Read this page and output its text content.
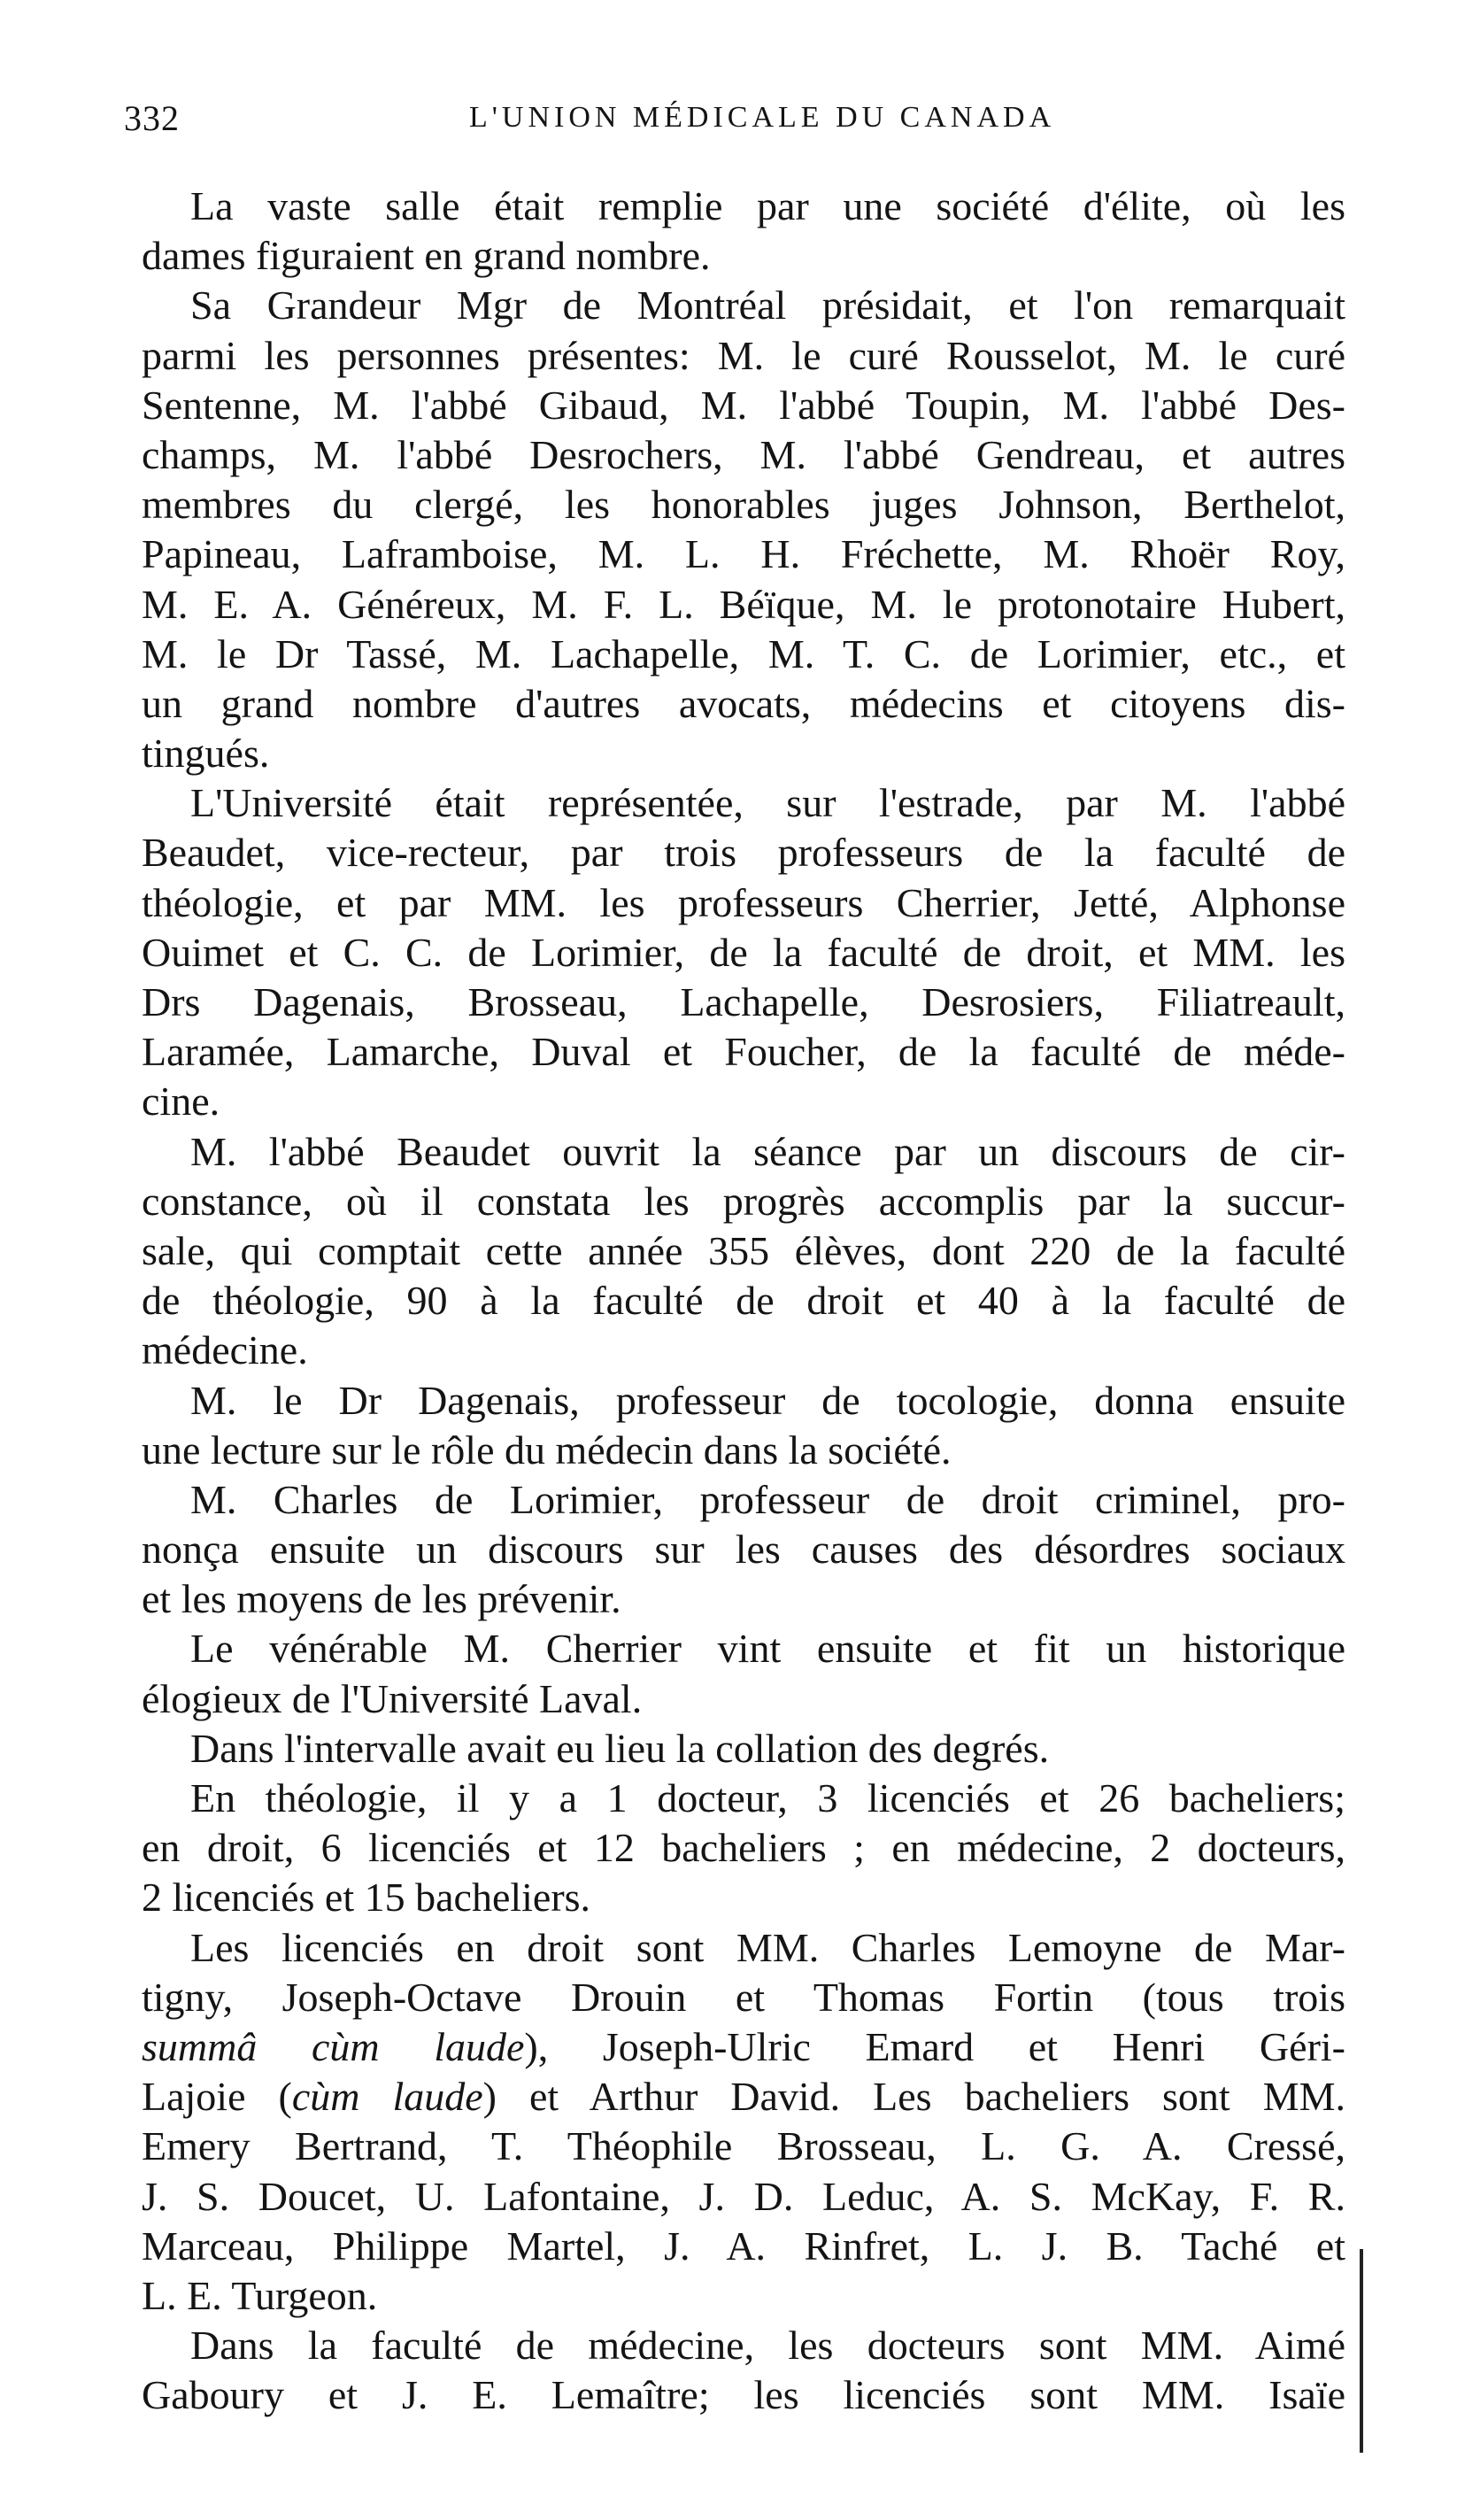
332	L'UNION MÉDICALE DU CANADA
La vaste salle était remplie par une société d'élite, où les
dames figuraient en grand nombre.
Sa Grandeur Mgr de Montréal présidait, et l'on remarquait
parmi les personnes présentes: M. le curé Rousselot, M. le curé
Sentenne, M. l'abbé Gibaud, M. l'abbé Toupin, M. l'abbé Des-
champs, M. l'abbé Desrochers, M. l'abbé Gendreau, et autres
membres du clergé, les honorables juges Johnson, Berthelot,
Papineau, Laframboise, M. L. H. Fréchette, M. Rhoër Roy,
M. E. A. Généreux, M. F. L. Béïque, M. le protonotaire Hubert,
M. le Dr Tassé, M. Lachapelle, M. T. C. de Lorimier, etc., et
un grand nombre d'autres avocats, médecins et citoyens dis-
tingués.
L'Université était représentée, sur l'estrade, par M. l'abbé
Beaudet, vice-recteur, par trois professeurs de la faculté de
théologie, et par MM. les professeurs Cherrier, Jetté, Alphonse
Ouimet et C. C. de Lorimier, de la faculté de droit, et MM. les
Drs Dagenais, Brosseau, Lachapelle, Desrosiers, Filiatreault,
Laramée, Lamarche, Duval et Foucher, de la faculté de méde-
cine.
M. l'abbé Beaudet ouvrit la séance par un discours de cir-
constance, où il constata les progrès accomplis par la succur-
sale, qui comptait cette année 355 élèves, dont 220 de la faculté
de théologie, 90 à la faculté de droit et 40 à la faculté de
médecine.
M. le Dr Dagenais, professeur de tocologie, donna ensuite
une lecture sur le rôle du médecin dans la société.
M. Charles de Lorimier, professeur de droit criminel, pro-
nonça ensuite un discours sur les causes des désordres sociaux
et les moyens de les prévenir.
Le vénérable M. Cherrier vint ensuite et fit un historique
élogieux de l'Université Laval.
Dans l'intervalle avait eu lieu la collation des degrés.
En théologie, il y a 1 docteur, 3 licenciés et 26 bacheliers;
en droit, 6 licenciés et 12 bacheliers ; en médecine, 2 docteurs,
2 licenciés et 15 bacheliers.
Les licenciés en droit sont MM. Charles Lemoyne de Mar-
tigny, Joseph-Octave Drouin et Thomas Fortin (tous trois
summâ cùm laude), Joseph-Ulric Emard et Henri Géri-
Lajoie (cùm laude) et Arthur David. Les bacheliers sont MM.
Emery Bertrand, T. Théophile Brosseau, L. G. A. Cressé,
J. S. Doucet, U. Lafontaine, J. D. Leduc, A. S. McKay, F. R.
Marceau, Philippe Martel, J. A. Rinfret, L. J. B. Taché et
L. E. Turgeon.
Dans la faculté de médecine, les docteurs sont MM. Aimé
Gaboury et J. E. Lemaître; les licenciés sont MM. Isaïe
